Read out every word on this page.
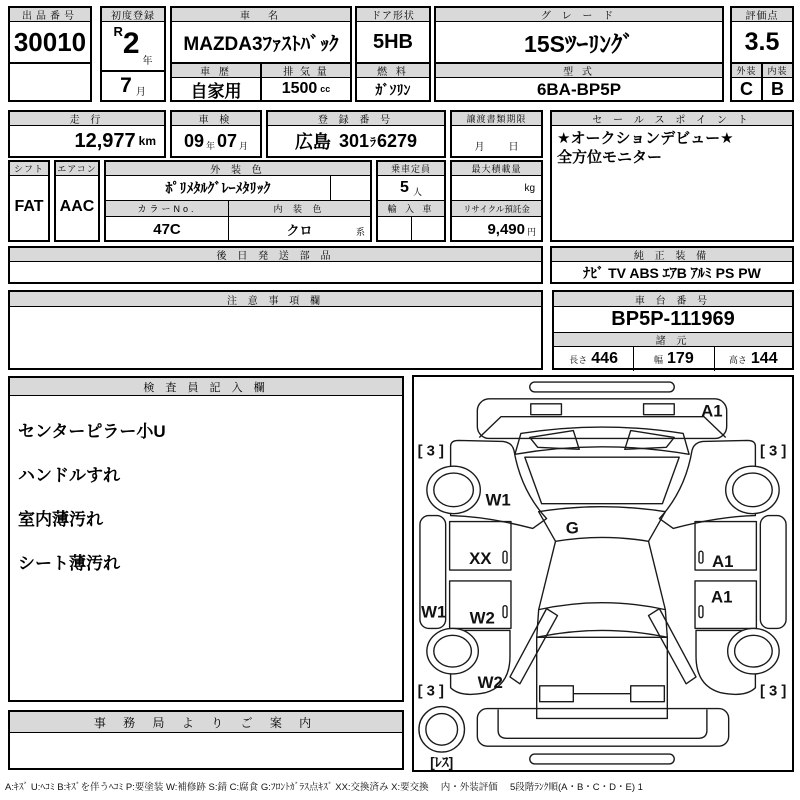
出品番号
30010
初度登録
R 2
年
7 月
車　名
MAZDA3ﾌｧｽﾄﾊﾞｯｸ
車 歴
自家用
排 気 量
1500 cc
ドア形状
5HB
燃 料
ｶﾞｿﾘﾝ
グ レ ー ド
15Sﾂｰﾘﾝｸﾞ
型 式
6BA-BP5P
評価点
3.5
外装
C
内装
B
走 行
12,977 km
車 検
09 年 07 月
登 録 番 号
広島 301 ﾗ 6279
譲渡書類期限
月 日
シフト
FAT
エアコン
AAC
外 装 色
ﾎﾟﾘﾒﾀﾙｸﾞﾚｰﾒﾀﾘｯｸ
カラーNo.	内 装 色
47C	クロ	系
乗車定員
5 人
輸 入 車
最大積載量
kg
リサイクル預託金
9,490 円
後 日 発 送 部 品
セ ー ル ス ポ イ ン ト
★オークションデビュー★
全方位モニター
純 正 装 備
ﾅﾋﾞ TV ABS ｴｱB ｱﾙﾐ PS PW
注 意 事 項 欄	車 台 番 号
BP5P-111969
諸 元
長さ 446	幅 179	高さ 144
検 査 員 記 入 欄

センターピラー小U

ハンドルすれ

室内薄汚れ

シート薄汚れ

事 務 局 よ り ご 案 内
A1
[ 3 ]	[ 3 ]
W1
G
XX	A1
A1
W1 W2
W2
[ 3 ]	[ 3 ]
[ﾚｽ]
A:ｷｽﾞ U:ﾍｺﾐ B:ｷｽﾞを伴うﾍｺﾐ P:要塗装 W:補修跡 S:錆 C:腐食 G:ﾌﾛﾝﾄｶﾞﾗｽ点ｷｽﾞ XX:交換済み X:要交換　 内・外装評価　 5段階ﾗﾝｸ順(A・B・C・D・E) 1
